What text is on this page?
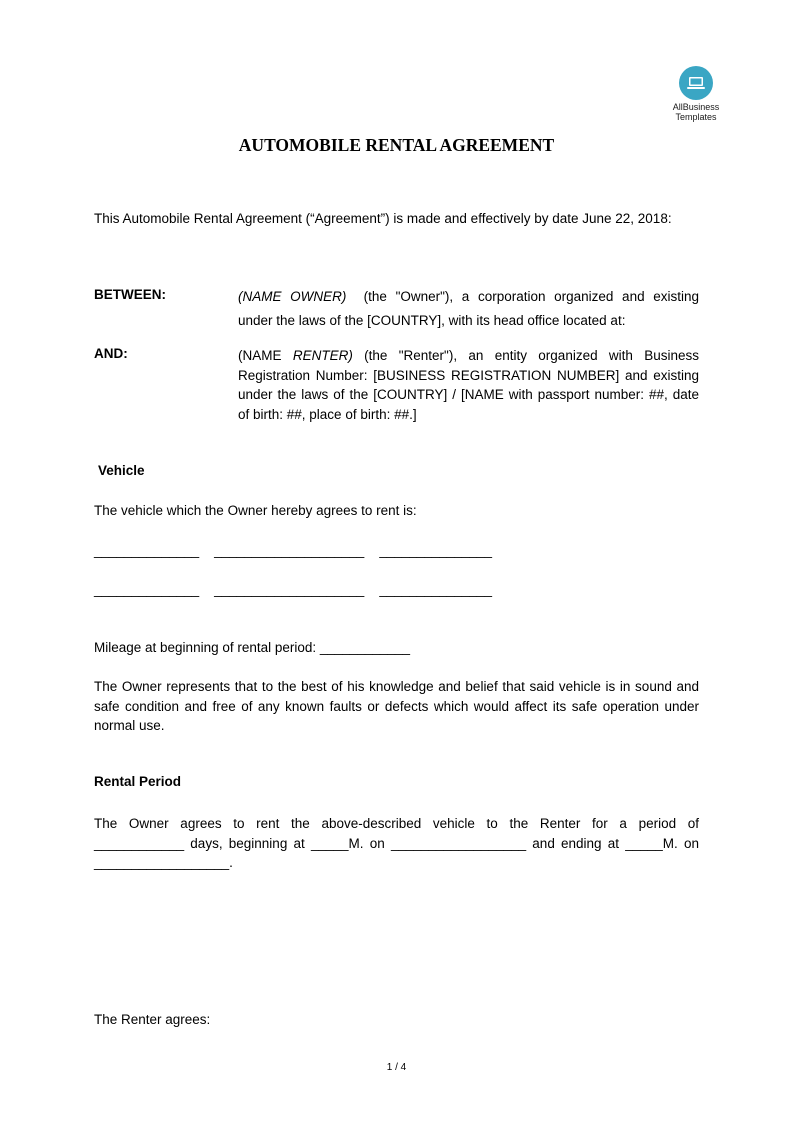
AllBusiness
Templates
AUTOMOBILE RENTAL AGREEMENT
This Automobile Rental Agreement (“Agreement”) is made and effectively by date June 22, 2018:
BETWEEN:	(NAME OWNER) (the "Owner"), a corporation organized and existing
under the laws of the [COUNTRY], with its head office located at:
AND:	(NAME RENTER) (the "Renter"), an entity organized with Business Registration Number: [BUSINESS REGISTRATION NUMBER] and existing under the laws of the [COUNTRY] / [NAME with passport number: ##, date of birth: ##, place of birth: ##.]
Vehicle
The vehicle which the Owner hereby agrees to rent is:
______________ ____________________ _______________
______________ ____________________ _______________
Mileage at beginning of rental period: ____________
The Owner represents that to the best of his knowledge and belief that said vehicle is in sound and safe condition and free of any known faults or defects which would affect its safe operation under normal use.
Rental Period
The Owner agrees to rent the above-described vehicle to the Renter for a period of
____________ days, beginning at _____M. on __________________ and ending at _____M. on
__________________.
The Renter agrees:
1 / 4
